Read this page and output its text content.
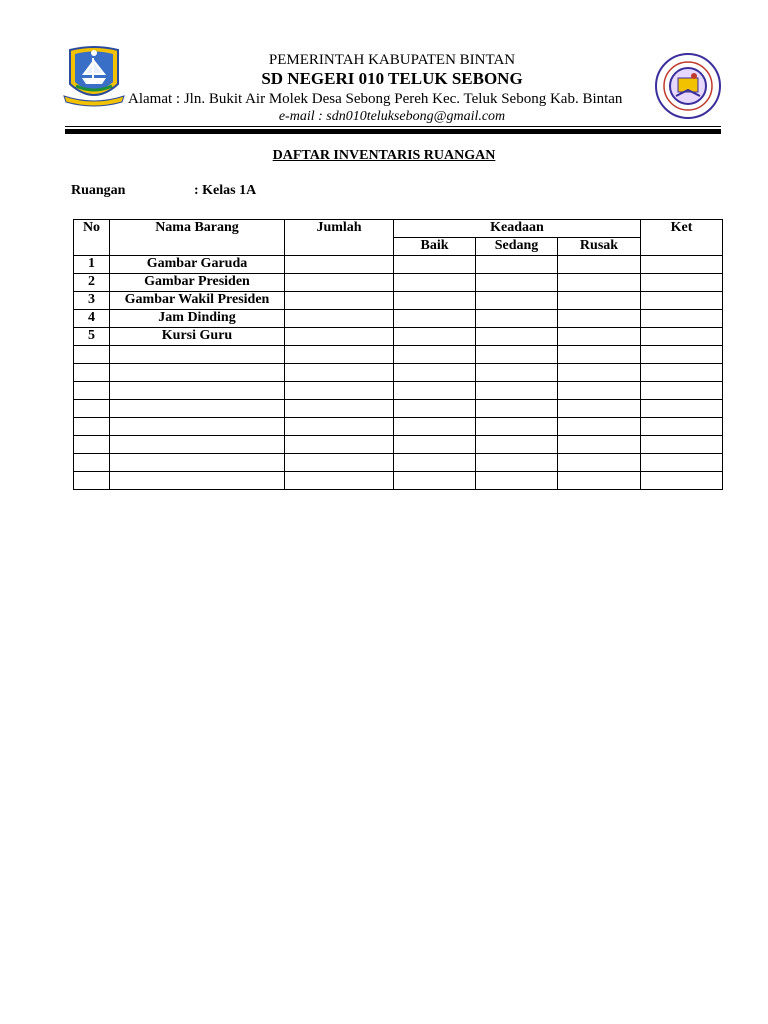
PEMERINTAH KABUPATEN BINTAN
SD NEGERI 010 TELUK SEBONG
Alamat : Jln. Bukit Air Molek Desa Sebong Pereh Kec. Teluk Sebong Kab. Bintan
e-mail : sdn010teluksebong@gmail.com
DAFTAR INVENTARIS RUANGAN
Ruangan	: Kelas 1A
No	Nama Barang	Jumlah	Keadaan			Ket
			Baik	Sedang	Rusak	
1	Gambar Garuda					
2	Gambar Presiden					
3	Gambar Wakil Presiden					
4	Jam Dinding					
5	Kursi Guru					
